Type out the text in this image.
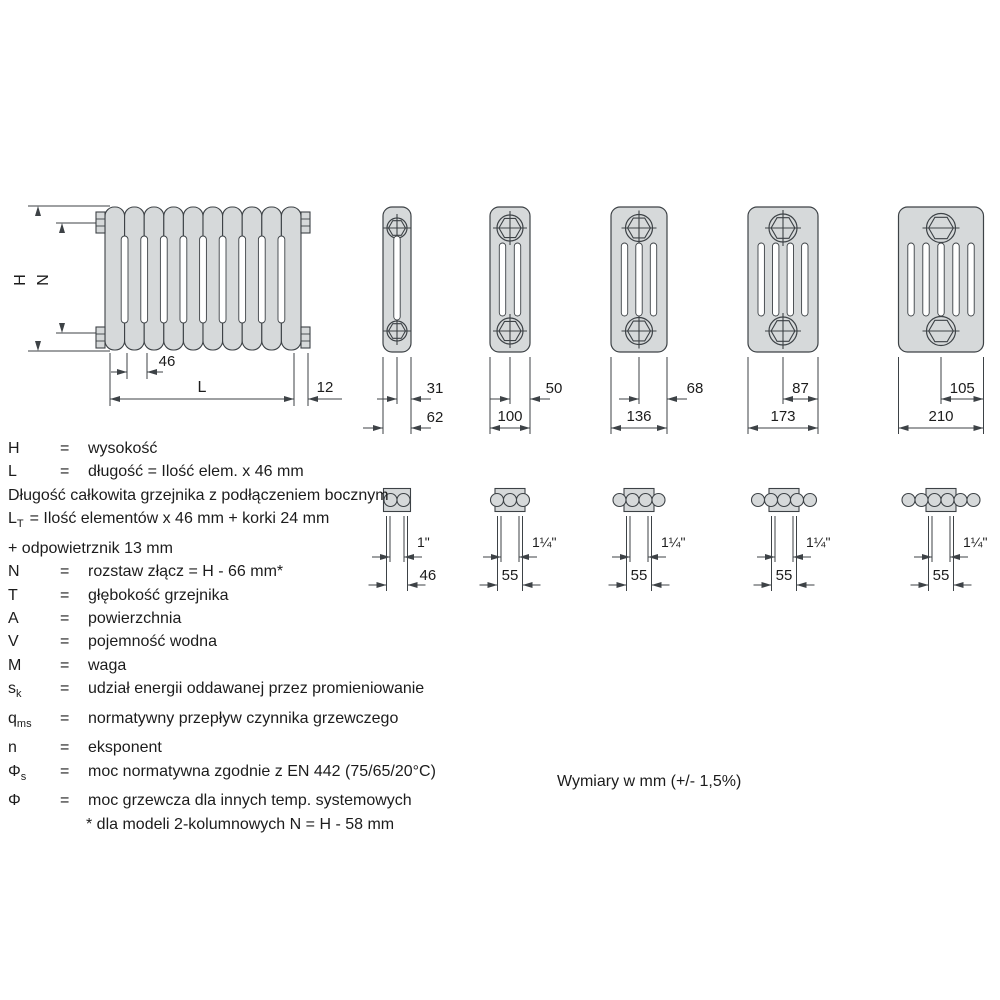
H N
46
L	12	31
62
50
100
68
136
87
173
105
210
1"
46
1¼"
55
1¼"
55
1¼"
55
1¼"
55
H	=	wysokość
L	=	długość = Ilość elem. x 46 mm
Długość całkowita grzejnika z podłączeniem bocznym
$L_T$ = Ilość elementów x 46 mm + korki 24 mm
+ odpowietrznik 13 mm
N	=	rozstaw złącz = H - 66 mm*
T	=	głębokość grzejnika
A	=	powierzchnia
V	=	pojemność wodna
M	=	waga
$s_k$	=	udział energii oddawanej przez promieniowanie
$q_{ms}$	=	normatywny przepływ czynnika grzewczego
n	=	eksponent
$\Phi_s$	=	moc normatywna zgodnie z EN 442 (75/65/20°C)
Φ	=	moc grzewcza dla innych temp. systemowych
* dla modeli 2-kolumnowych N = H - 58 mm
Wymiary w mm (+/- 1,5%)
